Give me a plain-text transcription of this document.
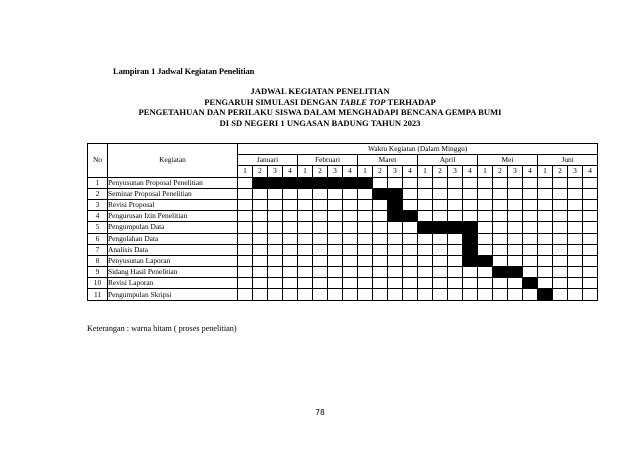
Lampiran 1 Jadwal Kegiatan Penelitian
JADWAL KEGIATAN PENELITIAN
PENGARUH SIMULASI DENGAN TABLE TOP TERHADAP
PENGETAHUAN DAN PERILAKU SISWA DALAM MENGHADAPI BENCANA GEMPA BUMI
DI SD NEGERI 1 UNGASAN BADUNG TAHUN 2023
No	Kegiatan	Waktu Kegiatan (Dalam Minggu)																							
		Januari				Februari				Maret				April				Mei				Juni			
		1	2	3	4	1	2	3	4	1	2	3	4	1	2	3	4	1	2	3	4	1	2	3	4
1	Penyusunan Proposal Penelitian																								
2	Seminar Proposal Penelitian																								
3	Revisi Proposal																								
4	Pengurusan Izin Penelitian																								
5	Pengumpulan Data																								
6	Pengolahan Data																								
7	Analisis Data																								
8	Penyusunan Laporan																								
9	Sidang Hasil Penelitian																								
10	Revisi Laporan																								
11	Pengumpulan Skripsi																								
Keterangan : warna hitam ( proses penelitian)
78
